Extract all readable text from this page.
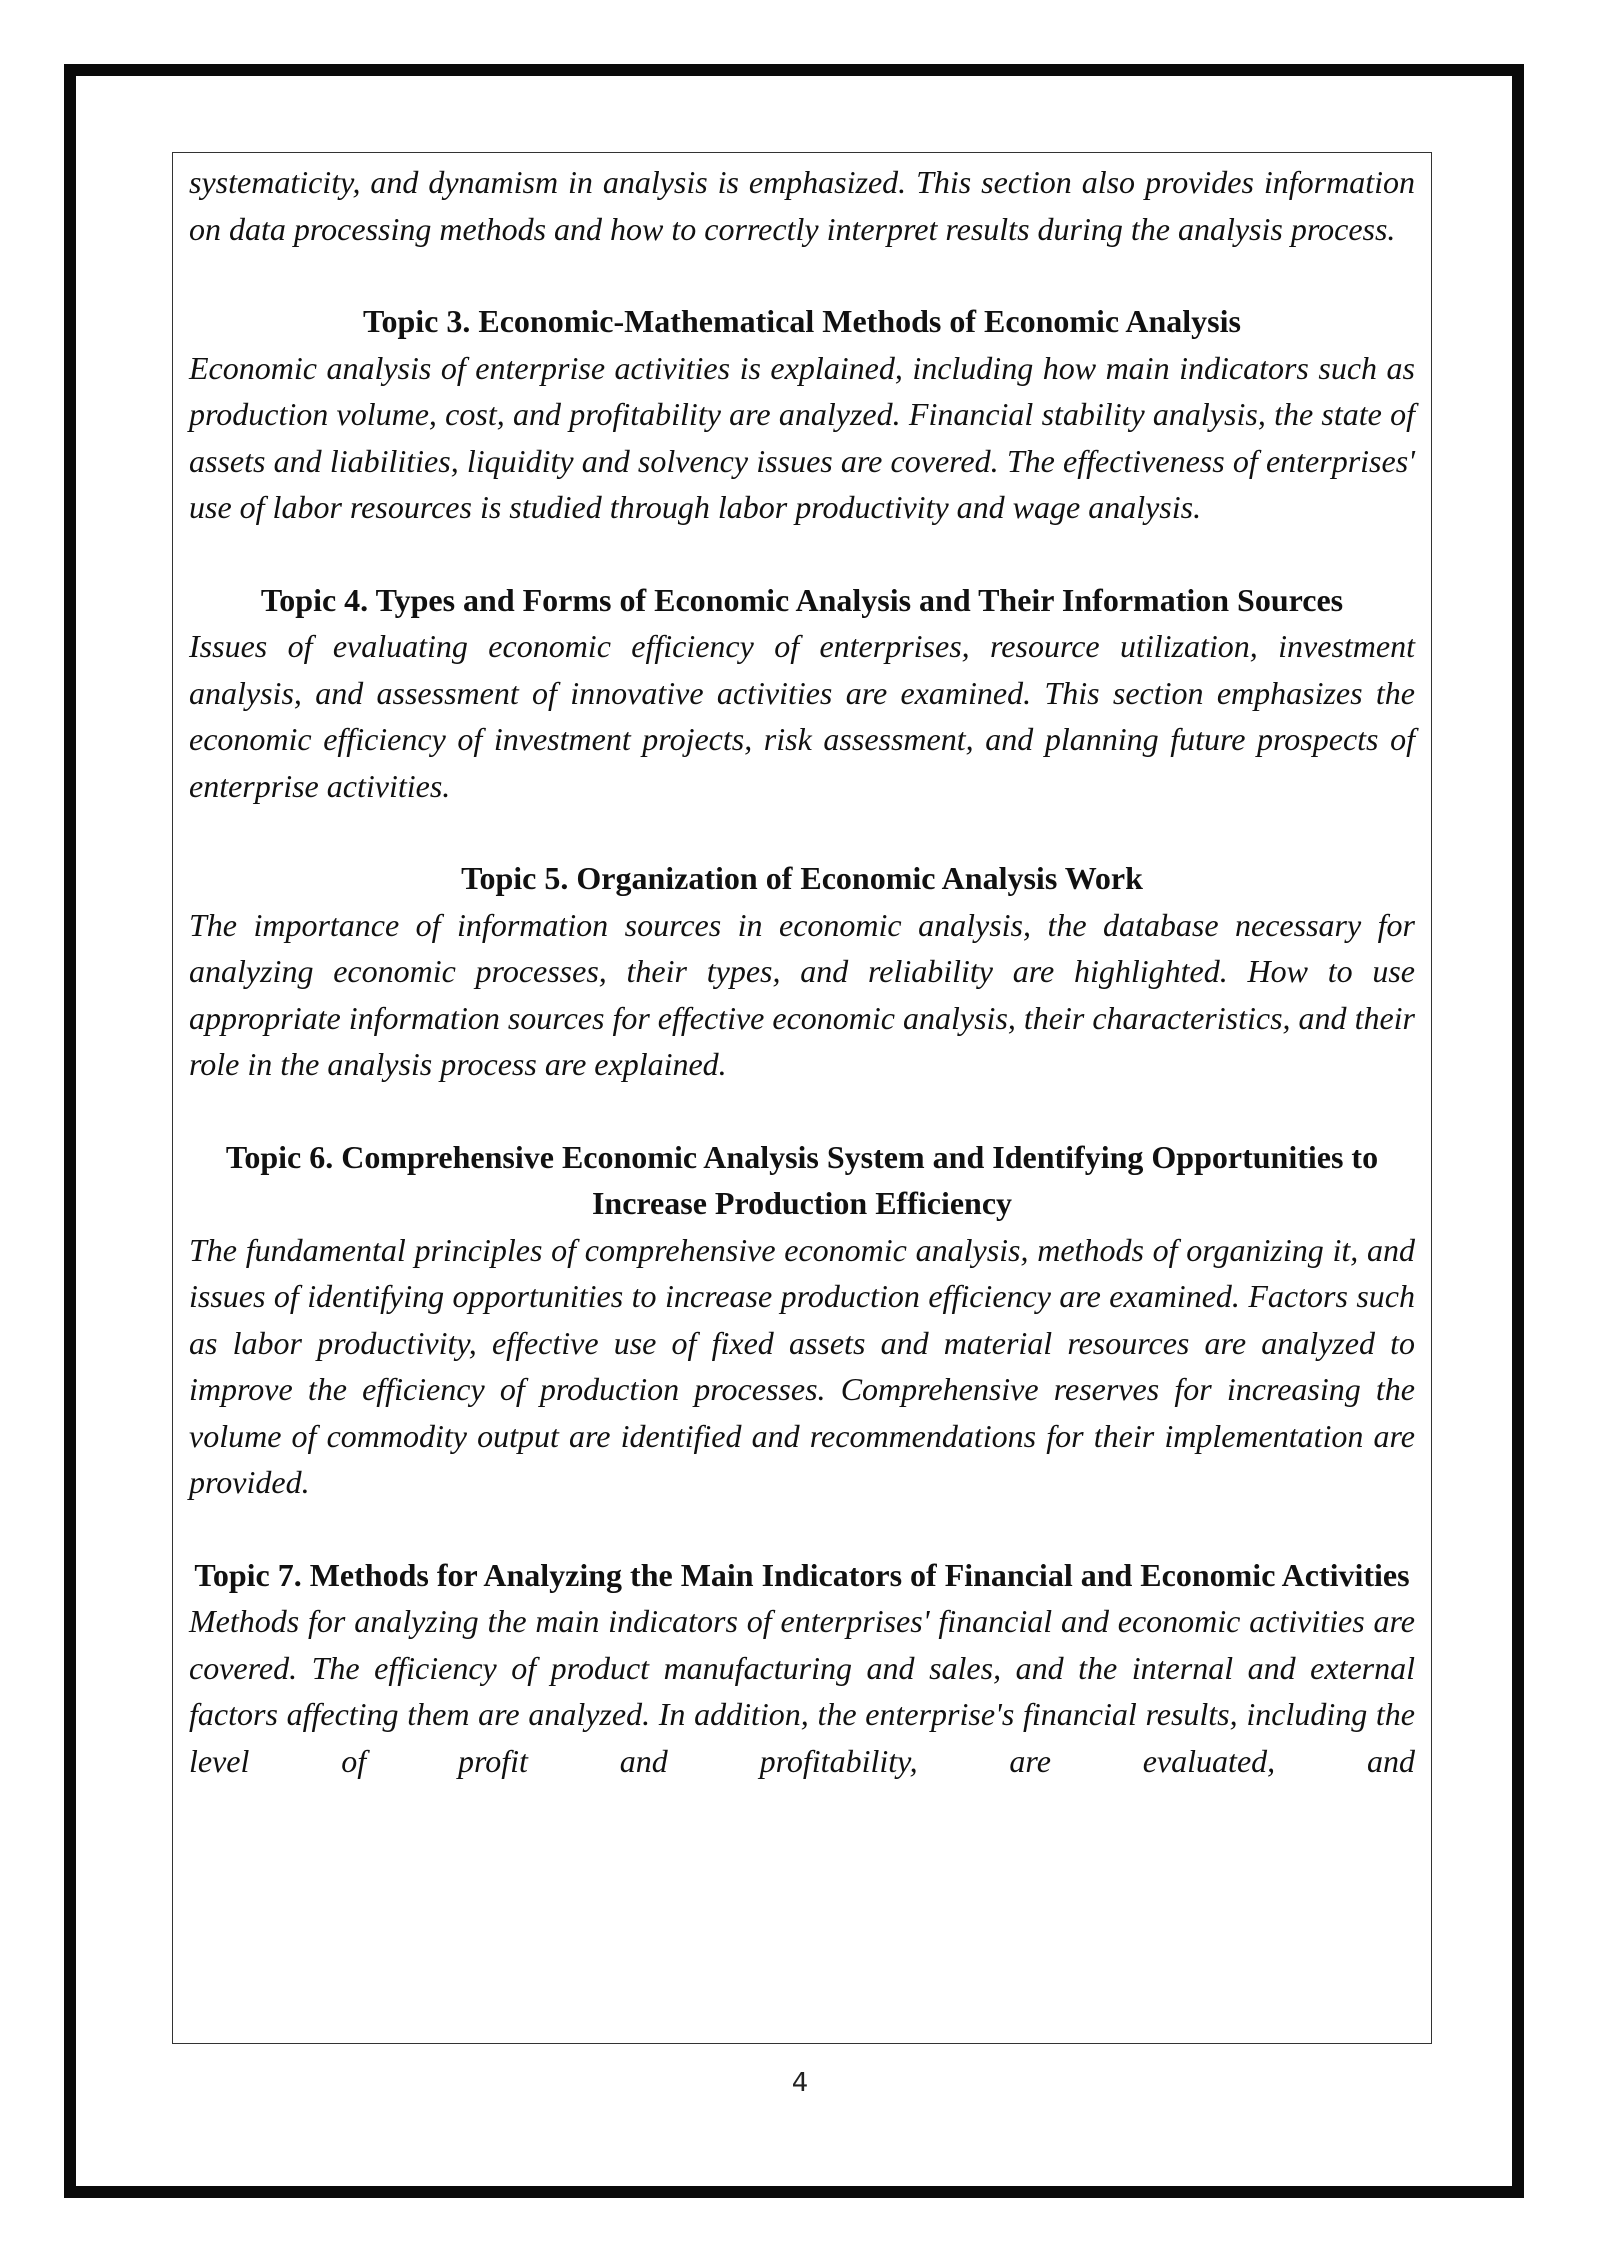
systematicity, and dynamism in analysis is emphasized. This section also provides information on data processing methods and how to correctly interpret results during the analysis process.

Topic 3. Economic-Mathematical Methods of Economic Analysis

Economic analysis of enterprise activities is explained, including how main indicators such as production volume, cost, and profitability are analyzed. Financial stability analysis, the state of assets and liabilities, liquidity and solvency issues are covered. The effectiveness of enterprises' use of labor resources is studied through labor productivity and wage analysis.

Topic 4. Types and Forms of Economic Analysis and Their Information Sources

Issues of evaluating economic efficiency of enterprises, resource utilization, investment analysis, and assessment of innovative activities are examined. This section emphasizes the economic efficiency of investment projects, risk assessment, and planning future prospects of enterprise activities.

Topic 5. Organization of Economic Analysis Work

The importance of information sources in economic analysis, the database necessary for analyzing economic processes, their types, and reliability are highlighted. How to use appropriate information sources for effective economic analysis, their characteristics, and their role in the analysis process are explained.

Topic 6. Comprehensive Economic Analysis System and Identifying Opportunities to Increase Production Efficiency

The fundamental principles of comprehensive economic analysis, methods of organizing it, and issues of identifying opportunities to increase production efficiency are examined. Factors such as labor productivity, effective use of fixed assets and material resources are analyzed to improve the efficiency of production processes. Comprehensive reserves for increasing the volume of commodity output are identified and recommendations for their implementation are provided.

Topic 7. Methods for Analyzing the Main Indicators of Financial and Economic Activities

Methods for analyzing the main indicators of enterprises' financial and economic activities are covered. The efficiency of product manufacturing and sales, and the internal and external factors affecting them are analyzed. In addition, the enterprise's financial results, including the level of profit and profitability, are evaluated, and

4
